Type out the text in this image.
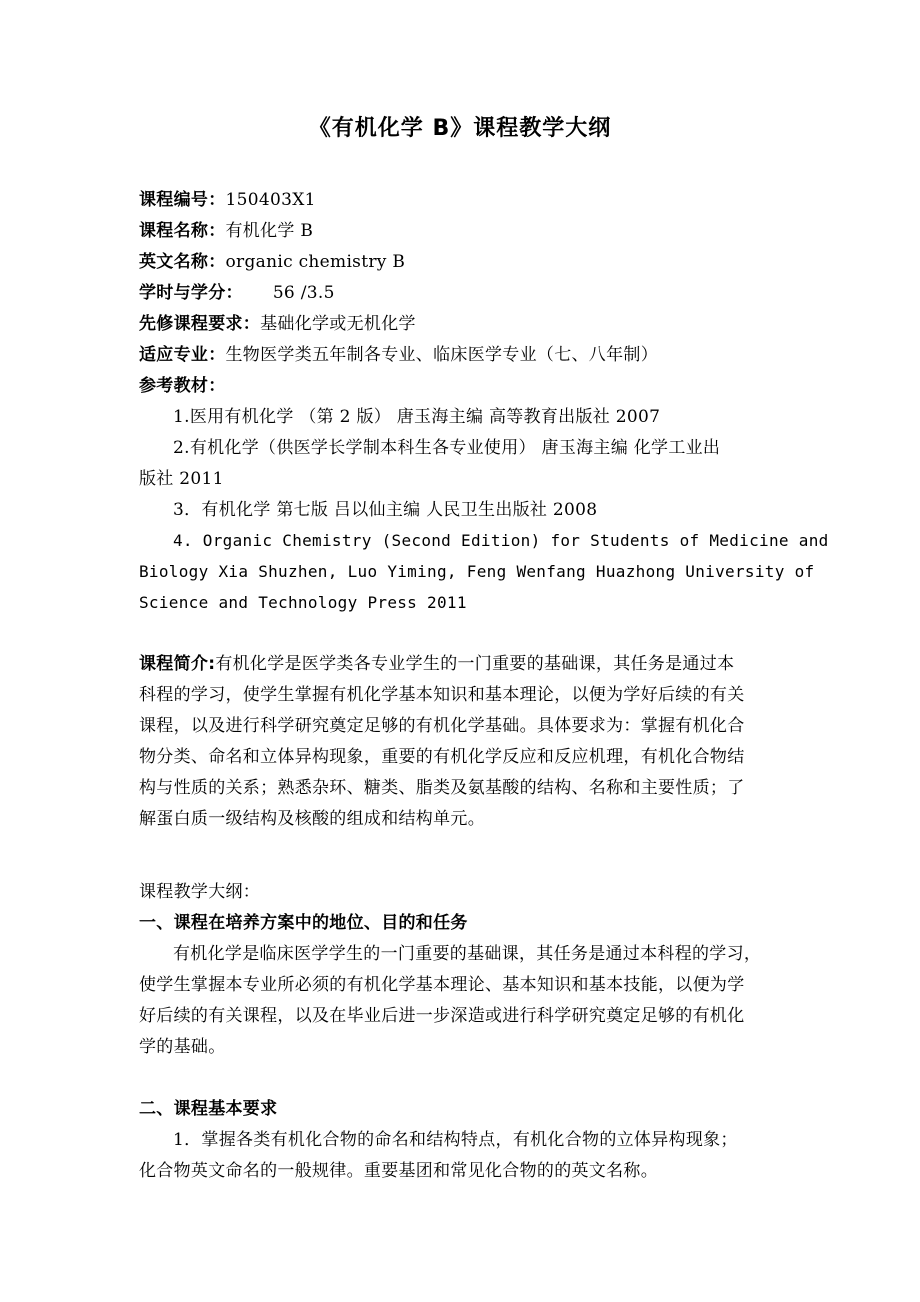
《有机化学 B》课程教学大纲
课程编号：150403X1
课程名称：有机化学 B
英文名称：organic chemistry B
学时与学分： 56 /3.5
先修课程要求：基础化学或无机化学
适应专业：生物医学类五年制各专业、临床医学专业（七、八年制）
参考教材：
1.医用有机化学 （第 2 版） 唐玉海主编 高等教育出版社 2007
2.有机化学（供医学长学制本科生各专业使用） 唐玉海主编 化学工业出
版社 2011
3．有机化学 第七版 吕以仙主编 人民卫生出版社 2008
4. Organic Chemistry (Second Edition) for Students of Medicine and
Biology Xia Shuzhen, Luo Yiming, Feng Wenfang Huazhong University of
Science and Technology Press 2011
课程简介:有机化学是医学类各专业学生的一门重要的基础课，其任务是通过本
科程的学习，使学生掌握有机化学基本知识和基本理论，以便为学好后续的有关
课程，以及进行科学研究奠定足够的有机化学基础。具体要求为：掌握有机化合
物分类、命名和立体异构现象，重要的有机化学反应和反应机理，有机化合物结
构与性质的关系；熟悉杂环、糖类、脂类及氨基酸的结构、名称和主要性质；了
解蛋白质一级结构及核酸的组成和结构单元。
课程教学大纲：
一、课程在培养方案中的地位、目的和任务
有机化学是临床医学学生的一门重要的基础课，其任务是通过本科程的学习，
使学生掌握本专业所必须的有机化学基本理论、基本知识和基本技能，以便为学
好后续的有关课程，以及在毕业后进一步深造或进行科学研究奠定足够的有机化
学的基础。
二、课程基本要求
1．掌握各类有机化合物的命名和结构特点，有机化合物的立体异构现象；
化合物英文命名的一般规律。重要基团和常见化合物的的英文名称。
